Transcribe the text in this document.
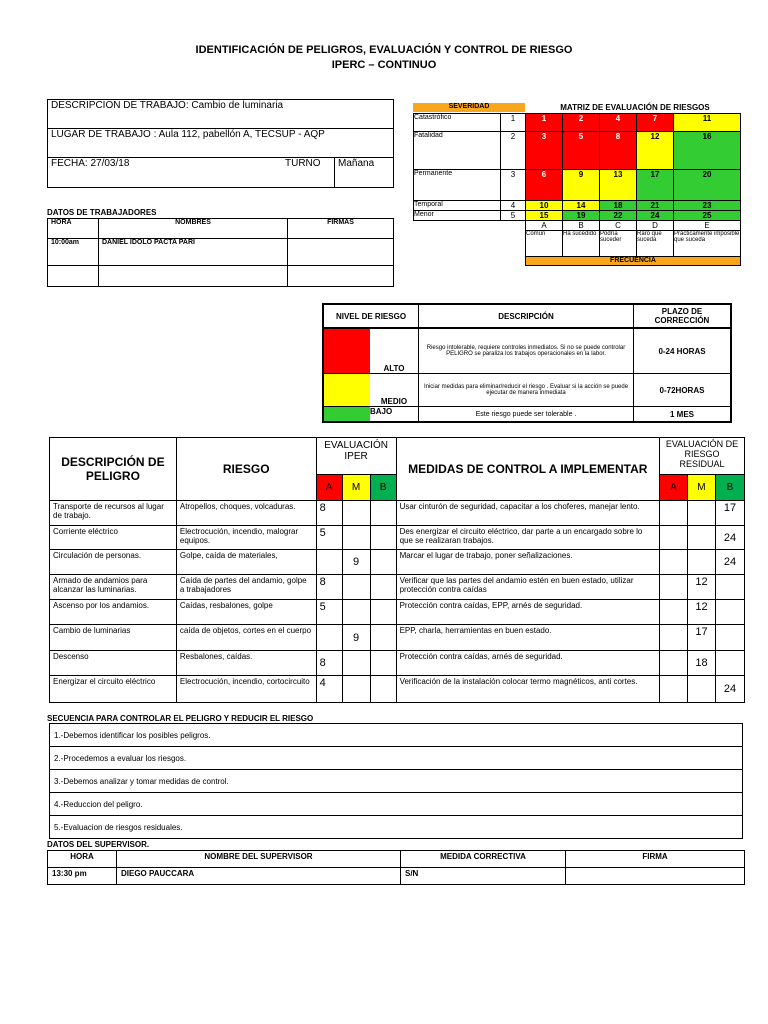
IDENTIFICACIÓN DE PELIGROS, EVALUACIÓN Y CONTROL DE RIESGO
IPERC – CONTINUO
DESCRIPCIÓN DE TRABAJO: Cambio de luminaria
LUGAR DE TRABAJO : Aula 112, pabellón A, TECSUP - AQP
FECHA: 27/03/18	TURNO	Mañana
DATOS DE TRABAJADORES
HORA	NOMBRES	FIRMAS
10:00am	DANIEL IDOLO PACTA PARI	

SEVERIDAD	MATRIZ DE EVALUACIÓN DE RIESGOS
Catastrófico	1	1	2	4	7	11
Fatalidad	2	3	5	8	12	16
Permanente	3	6	9	13	17	20
Temporal	4	10	14	18	21	23
Menor	5	15	19	22	24	25
		A	B	C	D	E
		Común	Ha sucedido	Podría suceder	Raro que suceda	Prácticamente imposible que suceda
		FRECUENCIA				
NIVEL DE RIESGO	DESCRIPCIÓN	PLAZO DE CORRECCIÓN

ALTO	Riesgo intolerable, requiere controles inmediatos. Si no se puede controlar PELIGRO se paraliza los trabajos operacionales en la labor.	0-24 HORAS

MEDIO	Iniciar medidas para eliminar/reducir el riesgo . Evaluar si la acción se puede ejecutar de manera inmediata	0-72HORAS

BAJO	Este riesgo puede ser tolerable .	1 MES
DESCRIPCIÓN DE PELIGRO	RIESGO	EVALUACIÓN IPER			MEDIDAS DE CONTROL A IMPLEMENTAR	EVALUACIÓN DE RIESGO RESIDUAL		
		A	M	B		A	M	B
Transporte de recursos al lugar de trabajo.	Atropellos, choques, volcaduras.	8			Usar cinturón de seguridad, capacitar a los choferes, manejar lento.			17
Corriente eléctrico	Electrocución, incendio, malograr equipos.	5			Des energizar el circuito eléctrico, dar parte a un encargado sobre lo que se realizaran trabajos.			24
Circulación de personas.	Golpe, caída de materiales,		9		Marcar el lugar de trabajo, poner señalizaciones.			24
Armado de andamios para alcanzar las luminarias.	Caída de partes del andamio, golpe a trabajadores	8			Verificar que las partes del andamio estén en buen estado, utilizar protección contra caídas		12	
Ascenso por los andamios.	Caídas, resbalones, golpe	5			Protección contra caídas, EPP, arnés de seguridad.		12	
Cambio de luminarias	caída de objetos, cortes en el cuerpo		9		EPP, charla, herramientas en buen estado.		17	
Descenso	Resbalones, caídas.	8			Protección contra caídas, arnés de seguridad.		18	
Energizar el circuito eléctrico	Electrocución, incendio, cortocircuito	4			Verificación de la instalación colocar termo magnéticos, anti cortes.			24
SECUENCIA PARA CONTROLAR EL PELIGRO Y REDUCIR EL RIESGO
1.-Debemos identificar los posibles peligros.
2.-Procedemos a evaluar los riesgos.
3.-Debemos analizar y tomar medidas de control.
4.-Reduccion del peligro.
5.-Evaluacion de riesgos residuales.
DATOS DEL SUPERVISOR.
HORA	NOMBRE DEL SUPERVISOR	MEDIDA CORRECTIVA	FIRMA
13:30 pm	DIEGO PAUCCARA	S/N	
